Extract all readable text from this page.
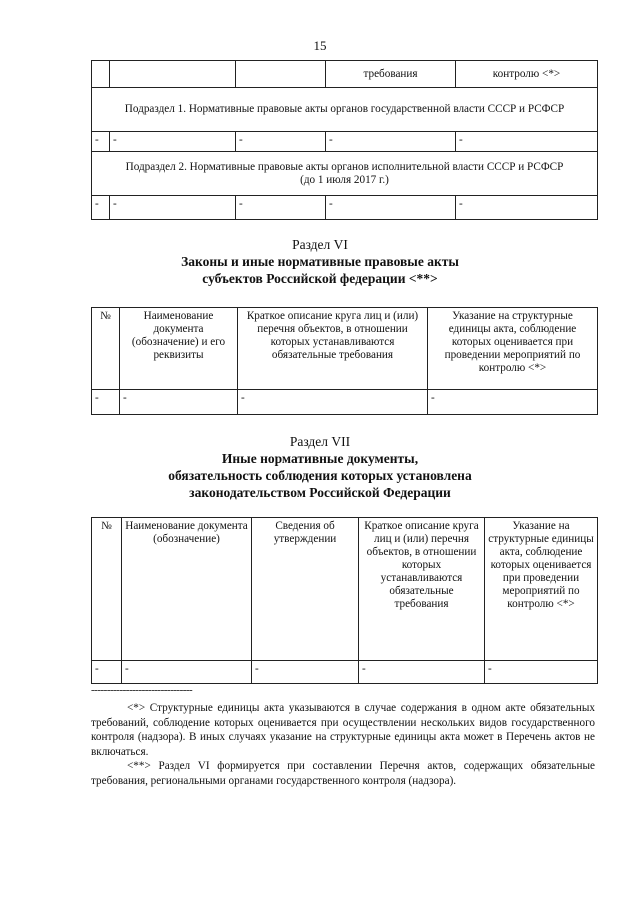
15
			требования	контролю <*>
Подраздел 1. Нормативные правовые акты органов государственной власти СССР и РСФСР				
-	-	-	-	-
Подраздел 2. Нормативные правовые акты органов исполнительной власти СССР и РСФСР (до 1 июля 2017 г.)				
-	-	-	-	-
Раздел VI
Законы и иные нормативные правовые акты
субъектов Российской федерации <**>
№	Наименование документа (обозначение) и его реквизиты	Краткое описание круга лиц и (или) перечня объектов, в отношении которых устанавливаются обязательные требования	Указание на структурные единицы акта, соблюдение которых оценивается при проведении мероприятий по контролю <*>
-	-	-	-
Раздел VII
Иные нормативные документы,
обязательность соблюдения которых установлена
законодательством Российской Федерации
№	Наименование документа (обозначение)	Сведения об утверждении	Краткое описание круга лиц и (или) перечня объектов, в отношении которых устанавливаются обязательные требования	Указание на структурные единицы акта, соблюдение которых оценивается при проведении мероприятий по контролю <*>
-	-	-	-	-
--------------------------------

<*> Структурные единицы акта указываются в случае содержания в одном акте обязательных требований, соблюдение которых оценивается при осуществлении нескольких видов государственного контроля (надзора). В иных случаях указание на структурные единицы акта может в Перечень актов не включаться.

<**> Раздел VI формируется при составлении Перечня актов, содержащих обязательные требования, региональными органами государственного контроля (надзора).
